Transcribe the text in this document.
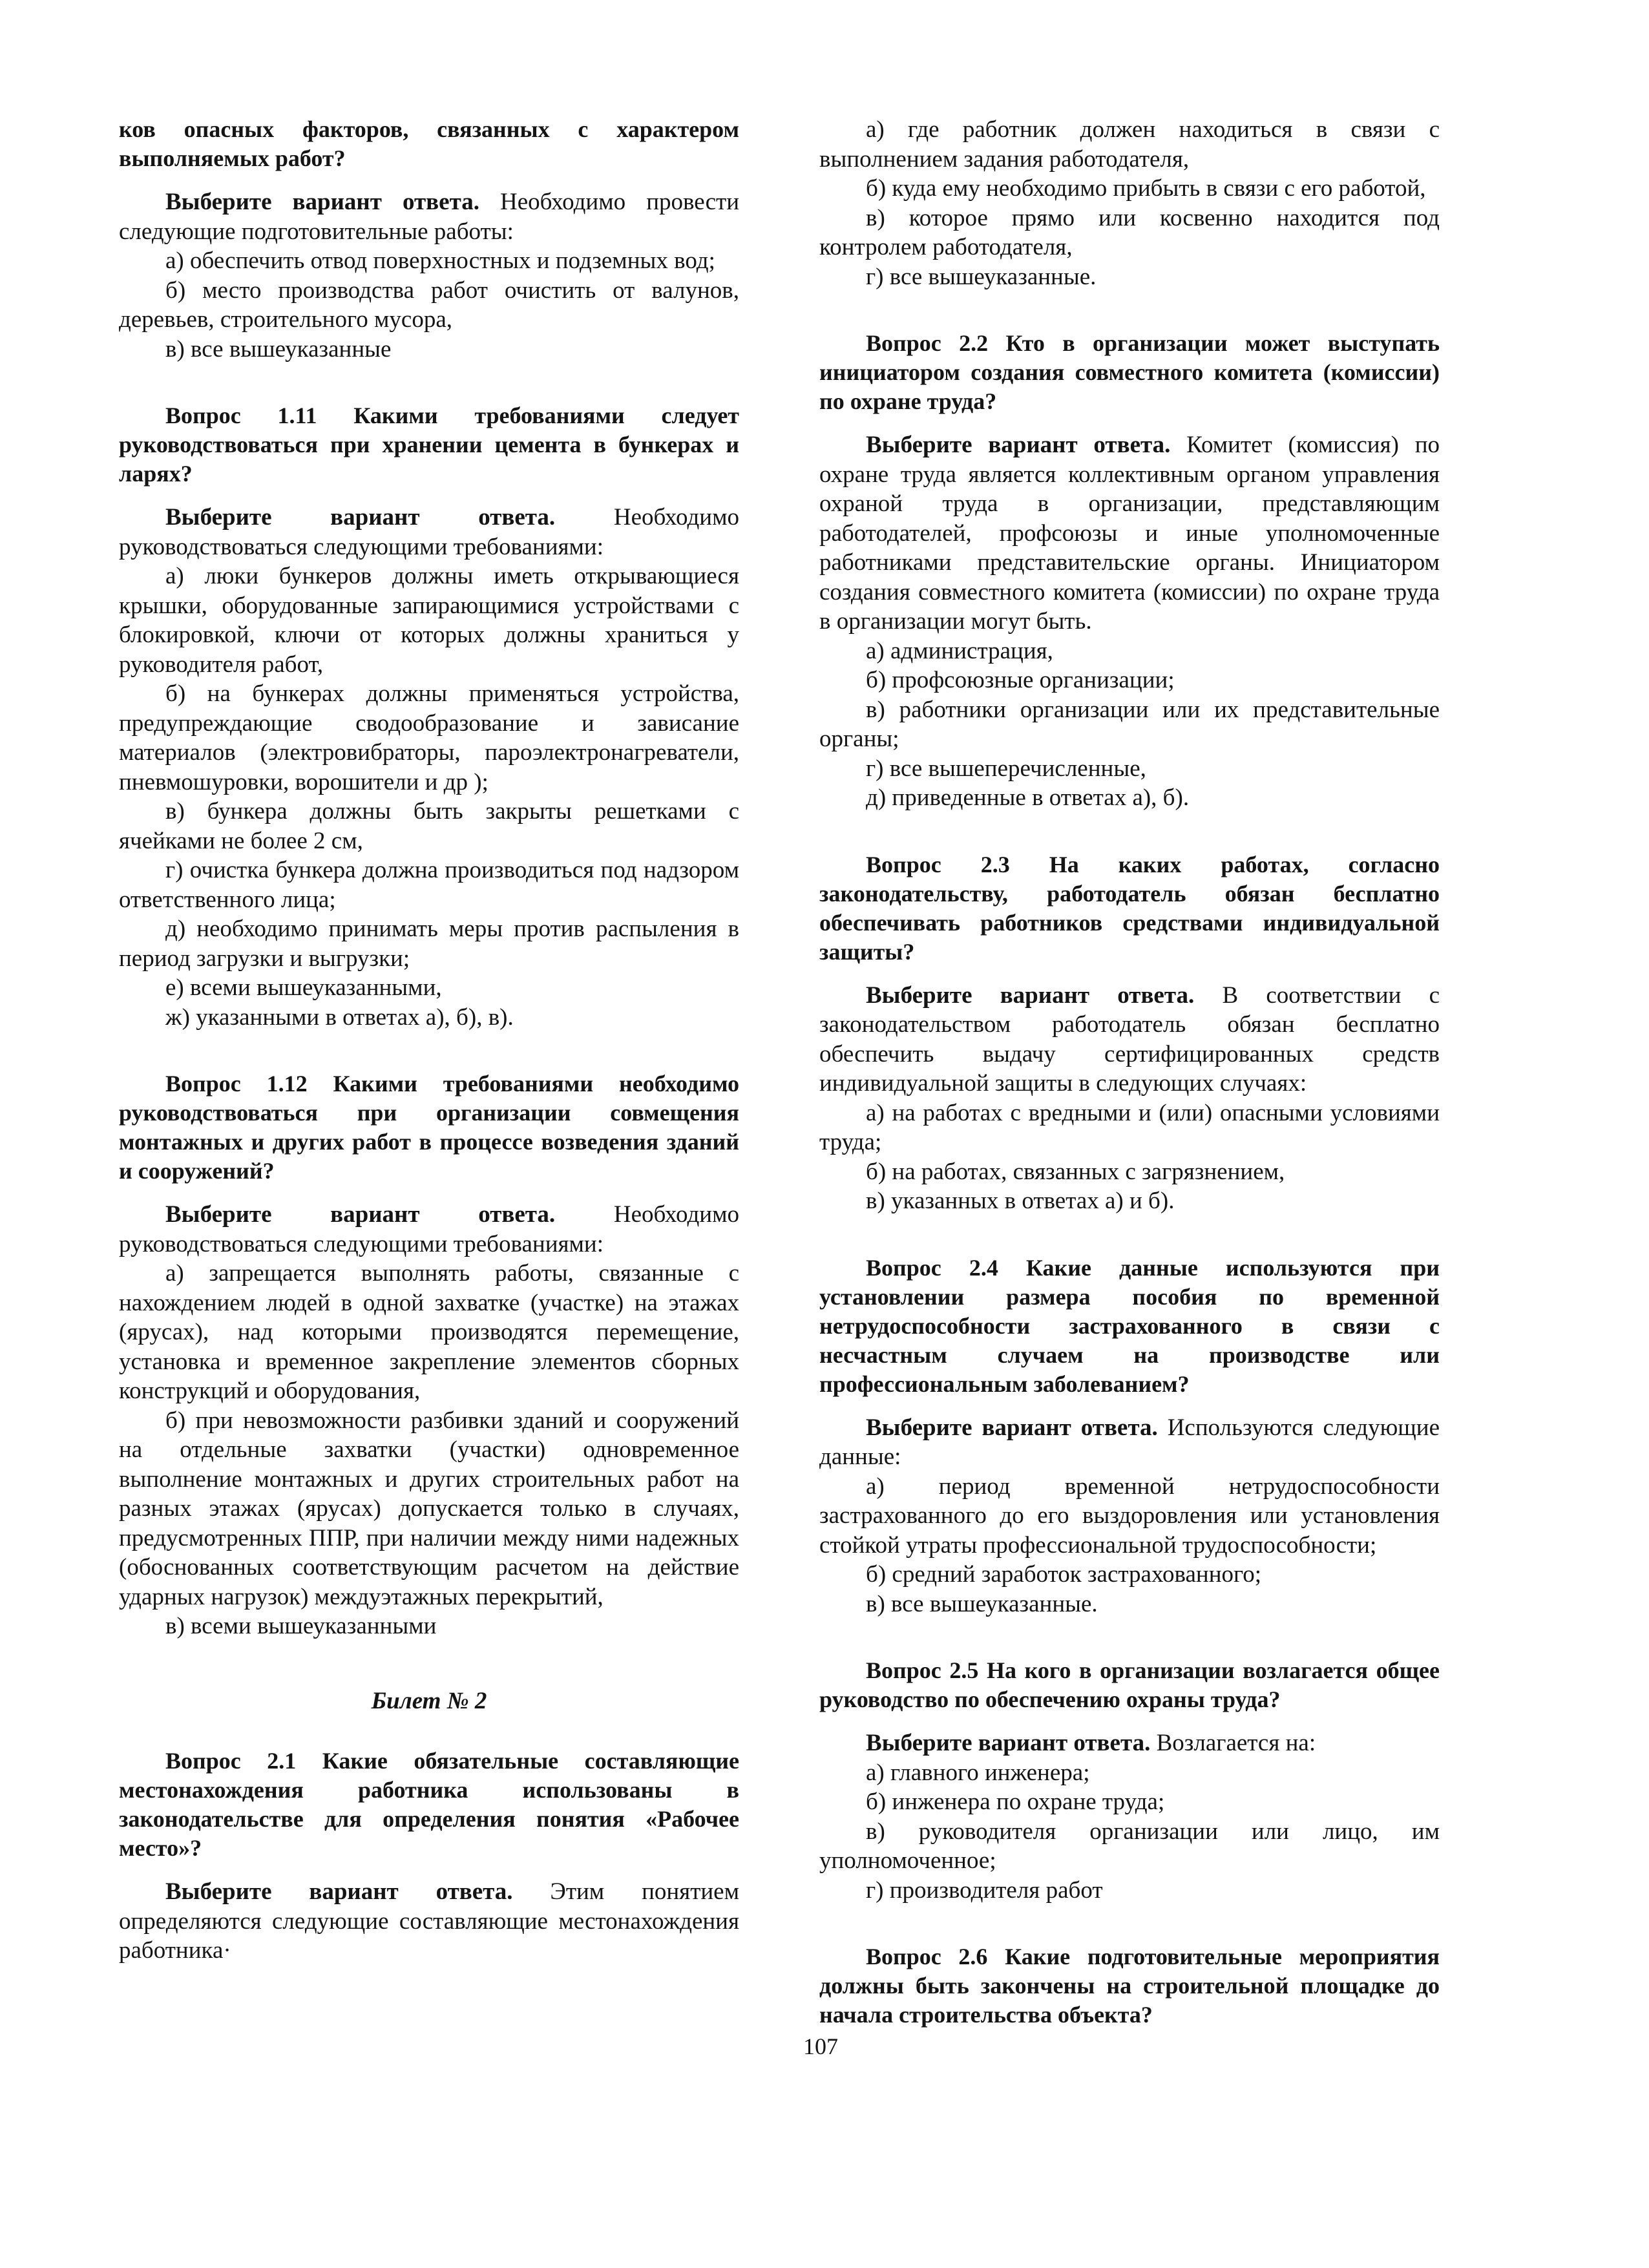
ков опасных факторов, связанных с характером выполняемых работ?

Выберите вариант ответа. Необходимо провести следующие подготовительные работы:

а) обеспечить отвод поверхностных и подземных вод;

б) место производства работ очистить от валунов, деревьев, строительного мусора,

в) все вышеуказанные

Вопрос 1.11 Какими требованиями следует руководствоваться при хранении цемента в бункерах и ларях?

Выберите вариант ответа. Необходимо руководствоваться следующими требованиями:

а) люки бункеров должны иметь открывающиеся крышки, оборудованные запирающимися устройствами с блокировкой, ключи от которых должны храниться у руководителя работ,

б) на бункерах должны применяться устройства, предупреждающие сводообразование и зависание материалов (электровибраторы, пароэлектронагреватели, пневмошуровки, ворошители и др );

в) бункера должны быть закрыты решетками с ячейками не более 2 см,

г) очистка бункера должна производиться под надзором ответственного лица;

д) необходимо принимать меры против распыления в период загрузки и выгрузки;

е) всеми вышеуказанными,

ж) указанными в ответах а), б), в).

Вопрос 1.12 Какими требованиями необходимо руководствоваться при организации совмещения монтажных и других работ в процессе возведения зданий и сооружений?

Выберите вариант ответа. Необходимо руководствоваться следующими требованиями:

а) запрещается выполнять работы, связанные с нахождением людей в одной захватке (участке) на этажах (ярусах), над которыми производятся перемещение, установка и временное закрепление элементов сборных конструкций и оборудования,

б) при невозможности разбивки зданий и сооружений на отдельные захватки (участки) одновременное выполнение монтажных и других строительных работ на разных этажах (ярусах) допускается только в случаях, предусмотренных ППР, при наличии между ними надежных (обоснованных соответствующим расчетом на действие ударных нагрузок) междуэтажных перекрытий,

в) всеми вышеуказанными

Билет № 2

Вопрос 2.1 Какие обязательные составляющие местонахождения работника использованы в законодательстве для определения понятия «Рабочее место»?

Выберите вариант ответа. Этим понятием определяются следующие составляющие местонахождения работника·

а) где работник должен находиться в связи с выполнением задания работодателя,

б) куда ему необходимо прибыть в связи с его работой,

в) которое прямо или косвенно находится под контролем работодателя,

г) все вышеуказанные.

Вопрос 2.2 Кто в организации может выступать инициатором создания совместного комитета (комиссии) по охране труда?

Выберите вариант ответа. Комитет (комиссия) по охране труда является коллективным органом управления охраной труда в организации, представляющим работодателей, профсоюзы и иные уполномоченные работниками представительские органы. Инициатором создания совместного комитета (комиссии) по охране труда в организации могут быть.

а) администрация,

б) профсоюзные организации;

в) работники организации или их представительные органы;

г) все вышеперечисленные,

д) приведенные в ответах а), б).

Вопрос 2.3 На каких работах, согласно законодательству, работодатель обязан бесплатно обеспечивать работников средствами индивидуальной защиты?

Выберите вариант ответа. В соответствии с законодательством работодатель обязан бесплатно обеспечить выдачу сертифицированных средств индивидуальной защиты в следующих случаях:

а) на работах с вредными и (или) опасными условиями труда;

б) на работах, связанных с загрязнением,

в) указанных в ответах а) и б).

Вопрос 2.4 Какие данные используются при установлении размера пособия по временной нетрудоспособности застрахованного в связи с несчастным случаем на производстве или профессиональным заболеванием?

Выберите вариант ответа. Используются следующие данные:

а) период временной нетрудоспособности застрахованного до его выздоровления или установления стойкой утраты профессиональной трудоспособности;

б) средний заработок застрахованного;

в) все вышеуказанные.

Вопрос 2.5 На кого в организации возлагается общее руководство по обеспечению охраны труда?

Выберите вариант ответа. Возлагается на:

а) главного инженера;

б) инженера по охране труда;

в) руководителя организации или лицо, им уполномоченное;

г) производителя работ

Вопрос 2.6 Какие подготовительные мероприятия должны быть закончены на строительной площадке до начала строительства объекта?

107
